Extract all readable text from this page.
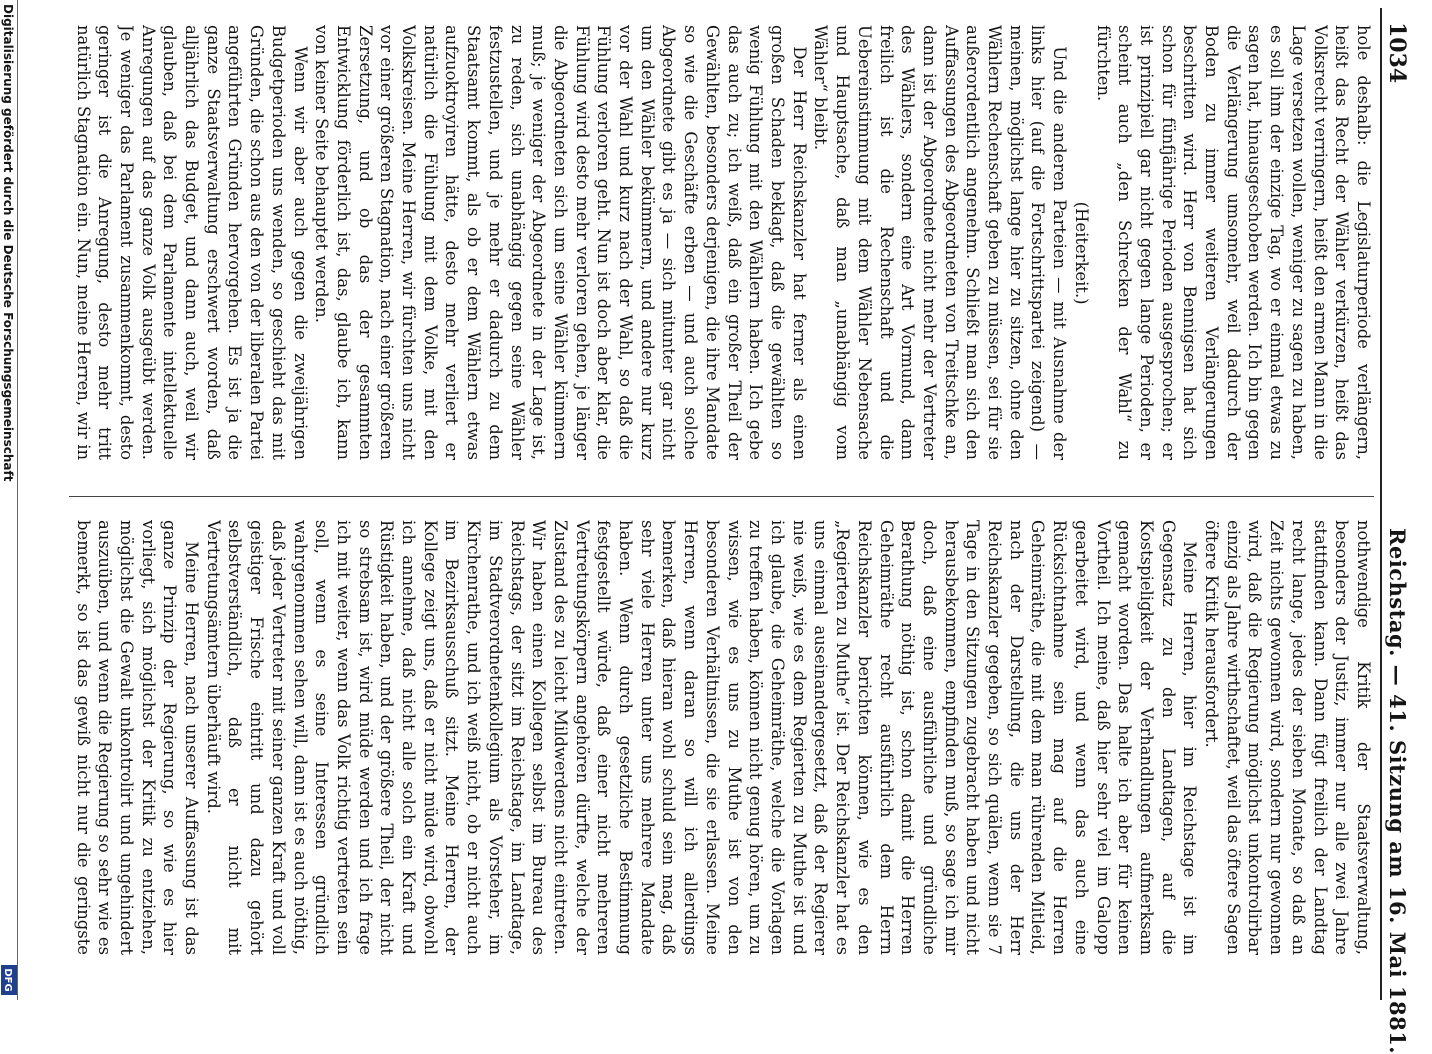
1034
Reichstag. — 41. Sitzung am 16. Mai 1881.

hole deshalb: die Legislaturperiode verlängern, heißt das Recht der Wähler verkürzen, heißt das Volksrecht verringern, heißt den armen Mann in die Lage versetzen wollen, weniger zu sagen zu haben, es soll ihm der einzige Tag, wo er einmal etwas zu sagen hat, hinausgeschoben werden. Ich bin gegen die Verlängerung umsomehr, weil dadurch der Boden zu immer weiteren Verlängerungen beschritten wird. Herr von Bennigsen hat sich schon für fünfjährige Perioden ausgesprochen; er ist prinzipiell gar nicht gegen lange Perioden, er scheint auch „den Schrecken der Wahl“ zu fürchten.

(Heiterkeit.)

Und die anderen Parteien — mit Ausnahme der links hier (auf die Fortschrittspartei zeigend) — meinen, möglichst lange hier zu sitzen, ohne den Wählern Rechenschaft geben zu müssen, sei für sie außerordentlich angenehm. Schließt man sich den Auffassungen des Abgeordneten von Treitschke an, dann ist der Abgeordnete nicht mehr der Vertreter des Wählers, sondern eine Art Vormund, dann freilich ist die Rechenschaft und die Uebereinstimmung mit dem Wähler Nebensache und Hauptsache, daß man „unabhängig vom Wähler“ bleibt.

Der Herr Reichskanzler hat ferner als einen großen Schaden beklagt, daß die gewählten so wenig Fühlung mit den Wählern haben. Ich gebe das auch zu; ich weiß, daß ein großer Theil der Gewählten, besonders derjenigen, die ihre Mandate so wie die Geschäfte erben — und auch solche Abgeordnete gibt es ja — sich mitunter gar nicht um den Wähler bekümmern, und andere nur kurz vor der Wahl und kurz nach der Wahl, so daß die Fühlung verloren geht. Nun ist doch aber klar, die Fühlung wird desto mehr verloren gehen, je länger die Abgeordneten sich um seine Wähler kümmern muß; je weniger der Abgeordnete in der Lage ist, zu reden, sich unabhängig gegen seine Wähler festzustellen, und je mehr er dadurch zu dem Staatsamt kommt, als ob er dem Wählern etwas aufzuoktroyiren hätte, desto mehr verliert er natürlich die Fühlung mit dem Volke, mit den Volkskreisen. Meine Herren, wir fürchten uns nicht vor einer größeren Stagnation, nach einer größeren Zersetzung, und ob das der gesammten Entwicklung förderlich ist, das, glaube ich, kann von keiner Seite behauptet werden.

Wenn wir aber auch gegen die zweijährigen Budgetperioden uns wenden, so geschieht das mit Gründen, die schon aus den von der liberalen Partei angeführten Gründen hervorgehen. Es ist ja die ganze Staatsverwaltung erschwert worden, daß alljährlich das Budget, und dann auch, weil wir glauben, daß bei dem Parlamente intellektuelle Anregungen auf das ganze Volk ausgeübt werden. Je weniger das Parlament zusammenkommt, desto geringer ist die Anregung, desto mehr tritt natürlich Stagnation ein. Nun, meine Herren, wir in

nothwendige Kritik der Staatsverwaltung, besonders der Justiz, immer nur alle zwei Jahre stattfinden kann. Dann fügt freilich der Landtag recht lange, jedes der sieben Monate, so daß an Zeit nichts gewonnen wird, sondern nur gewonnen wird, daß die Regierung möglichst unkontrolirbar einzig als Jahre wirthschaftet, weil das öftere Sagen öftere Kritik herausfordert.

Meine Herren, hier im Reichstage ist im Gegensatz zu den Landtagen, auf die Kostspieligkeit der Verhandlungen aufmerksam gemacht worden. Das halte ich aber für keinen Vortheil. Ich meine, daß hier sehr viel im Galopp gearbeitet wird, und wenn das auch eine Rücksichtnahme sein mag auf die Herren Geheimräthe, die mit dem man rührenden Mitleid, nach der Darstellung, die uns der Herr Reichskanzler gegeben, so sich quälen, wenn sie 7 Tage in den Sitzungen zugebracht haben und nicht herausbekommen, empfinden muß, so sage ich mir doch, daß eine ausführliche und gründliche Berathung nöthig ist, schon damit die Herren Geheimräthe recht ausführlich dem Herrn Reichskanzler berichten können, wie es den „Regierten zu Muthe“ ist. Der Reichskanzler hat es uns einmal auseinandergesetzt, daß der Regierer nie weiß, wie es dem Regierten zu Muthe ist und ich glaube, die Geheimräthe, welche die Vorlagen zu treffen haben, können nicht genug hören, um zu wissen, wie es uns zu Muthe ist von den besonderen Verhältnissen, die sie erlassen. Meine Herren, wenn daran so will ich allerdings bemerken, daß hieran wohl schuld sein mag, daß sehr viele Herren unter uns mehrere Mandate haben. Wenn durch gesetzliche Bestimmung festgestellt würde, daß einer nicht mehreren Vertretungskörpern angehören dürfte, welche der Zustand des zu leicht Mildwerdens nicht eintreten. Wir haben einen Kollegen selbst im Bureau des Reichstags, der sitzt im Reichstage, im Landtage, im Stadtverordnetenkollegium als Vorsteher, im Kirchenrathe, und ich weiß nicht, ob er nicht auch im Bezirksausschuß sitzt. Meine Herren, der Kollege zeigt uns, daß er nicht müde wird, obwohl ich annehme, daß nicht alle solch ein Kraft und Rüstigkeit haben, und der größere Theil, der nicht so strebsam ist, wird müde werden und ich frage ich mit weiter, wenn das Volk richtig vertreten sein soll, wenn es seine Interessen gründlich wahrgenommen sehen will, dann ist es auch nöthig, daß jeder Vertreter mit seiner ganzen Kraft und voll geistiger Frische eintritt und dazu gehört selbstverständlich, daß er nicht mit Vertretungsämtern überhäuft wird.

Meine Herren, nach unserer Auffassung ist das ganze Prinzip der Regierung, so wie es hier vorliegt, sich möglichst der Kritik zu entziehen, möglichst die Gewalt unkontrolirt und ungehindert auszuüben, und wenn die Regierung so sehr wie es bemerkt, so ist das gewiß nicht nur die geringste

Digitalisierung gefördert durch die Deutsche Forschungsgemeinschaft
DFG
